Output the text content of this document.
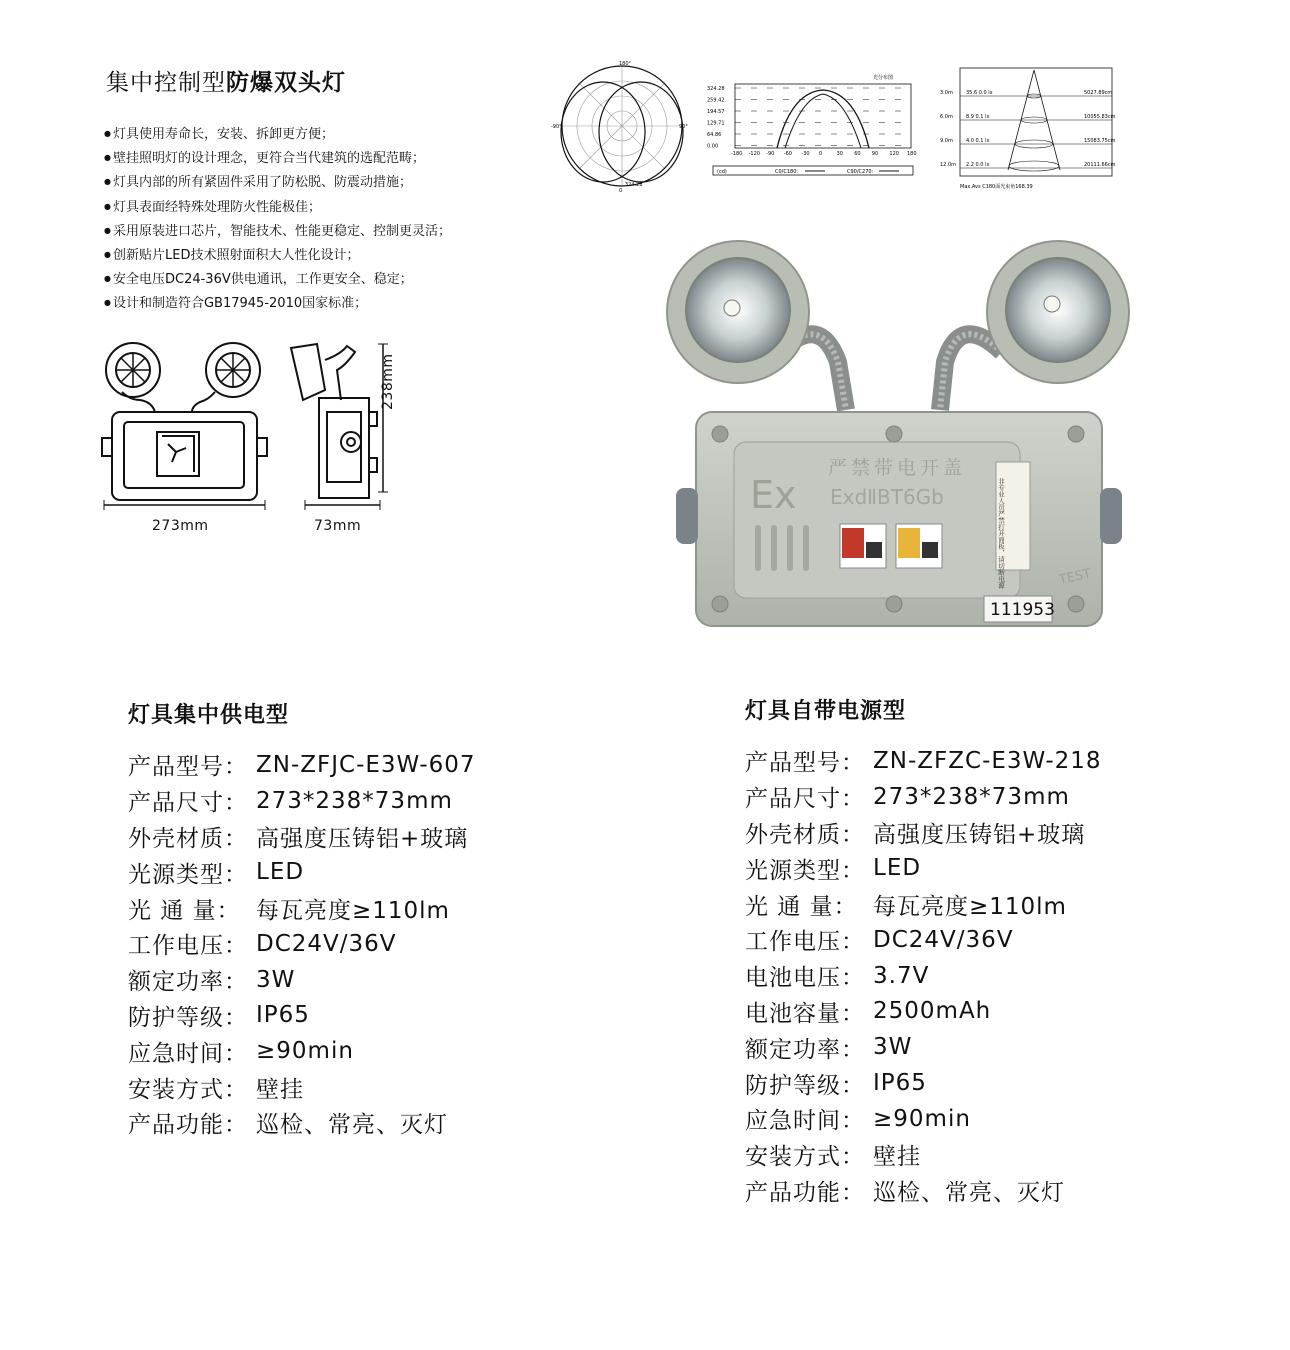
集中控制型防爆双头灯
● 灯具使用寿命长，安装、拆卸更方便；
● 壁挂照明灯的设计理念，更符合当代建筑的选配范畴；
● 灯具内部的所有紧固件采用了防松脱、防震动措施；
● 灯具表面经特殊处理防火性能极佳；
● 采用原装进口芯片，智能技术、性能更稳定、控制更灵活；
● 创新贴片LED技术照射面积大人性化设计；
● 安全电压DC24-36V供电通讯，工作更安全、稳定；
● 设计和制造符合GB17945-2010国家标准；
273mm	73mm
238mm
180°
0
-90°	90°
324.28
光分布图
324.28
259.42
194.57
129.71
64.86
0.00
-180 -120 -90 -60 -30 0	30 60 90 120 180
(cd)	C0/C180:	C90/C270:
3.0m	35.6 0.0 lx	5027.89cm
6.0m	8.9 0.1 lx	10055.83cm
9.0m	4.0 0.1 lx	15083.75cm
12.0m 2.2 0.0 lx	20111.66cm
Max.Avs C180面光束角168.39
严禁带电开盖
Ex ExdⅡBT6Gb	非专业人员严禁打开面板，请切断电源	TEST
111953
灯具集中供电型
产品型号： ZN-ZFJC-E3W-607
产品尺寸： 273*238*73mm
外壳材质： 高强度压铸铝+玻璃
光源类型： LED
光 通 量： 每瓦亮度≥110lm
工作电压： DC24V/36V
额定功率： 3W
防护等级： IP65
应急时间： ≥90min
安装方式： 壁挂
产品功能： 巡检、常亮、灭灯
灯具自带电源型
产品型号： ZN-ZFZC-E3W-218
产品尺寸： 273*238*73mm
外壳材质： 高强度压铸铝+玻璃
光源类型： LED
光 通 量： 每瓦亮度≥110lm
工作电压： DC24V/36V
电池电压： 3.7V
电池容量： 2500mAh
额定功率： 3W
防护等级： IP65
应急时间： ≥90min
安装方式： 壁挂
产品功能： 巡检、常亮、灭灯
